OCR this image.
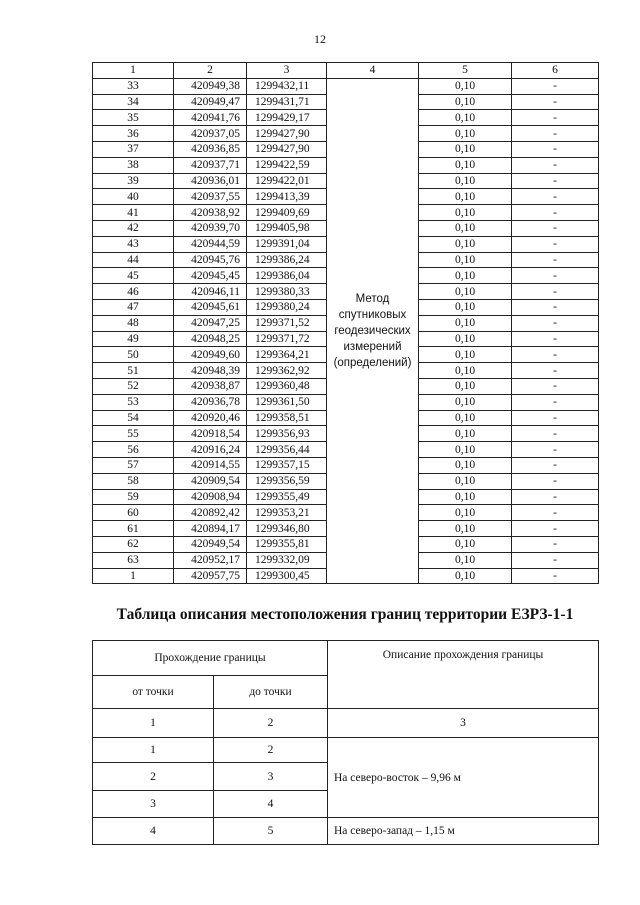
12
1	2	3	4	5	6
33	420949,38	1299432,11	Метод спутниковых геодезических измерений (определений)	0,10	-
34	420949,47	1299431,71		0,10	-
35	420941,76	1299429,17		0,10	-
36	420937,05	1299427,90		0,10	-
37	420936,85	1299427,90		0,10	-
38	420937,71	1299422,59		0,10	-
39	420936,01	1299422,01		0,10	-
40	420937,55	1299413,39		0,10	-
41	420938,92	1299409,69		0,10	-
42	420939,70	1299405,98		0,10	-
43	420944,59	1299391,04		0,10	-
44	420945,76	1299386,24		0,10	-
45	420945,45	1299386,04		0,10	-
46	420946,11	1299380,33		0,10	-
47	420945,61	1299380,24		0,10	-
48	420947,25	1299371,52		0,10	-
49	420948,25	1299371,72		0,10	-
50	420949,60	1299364,21		0,10	-
51	420948,39	1299362,92		0,10	-
52	420938,87	1299360,48		0,10	-
53	420936,78	1299361,50		0,10	-
54	420920,46	1299358,51		0,10	-
55	420918,54	1299356,93		0,10	-
56	420916,24	1299356,44		0,10	-
57	420914,55	1299357,15		0,10	-
58	420909,54	1299356,59		0,10	-
59	420908,94	1299355,49		0,10	-
60	420892,42	1299353,21		0,10	-
61	420894,17	1299346,80		0,10	-
62	420949,54	1299355,81		0,10	-
63	420952,17	1299332,09		0,10	-
1	420957,75	1299300,45		0,10	-
Таблица описания местоположения границ территории ЕЗРЗ-1-1
Прохождение границы		Описание прохождения границы
от точки	до точки	
1	2	3
1	2	На северо-восток – 9,96 м
2	3	
3	4	
4	5	На северо-запад – 1,15 м
